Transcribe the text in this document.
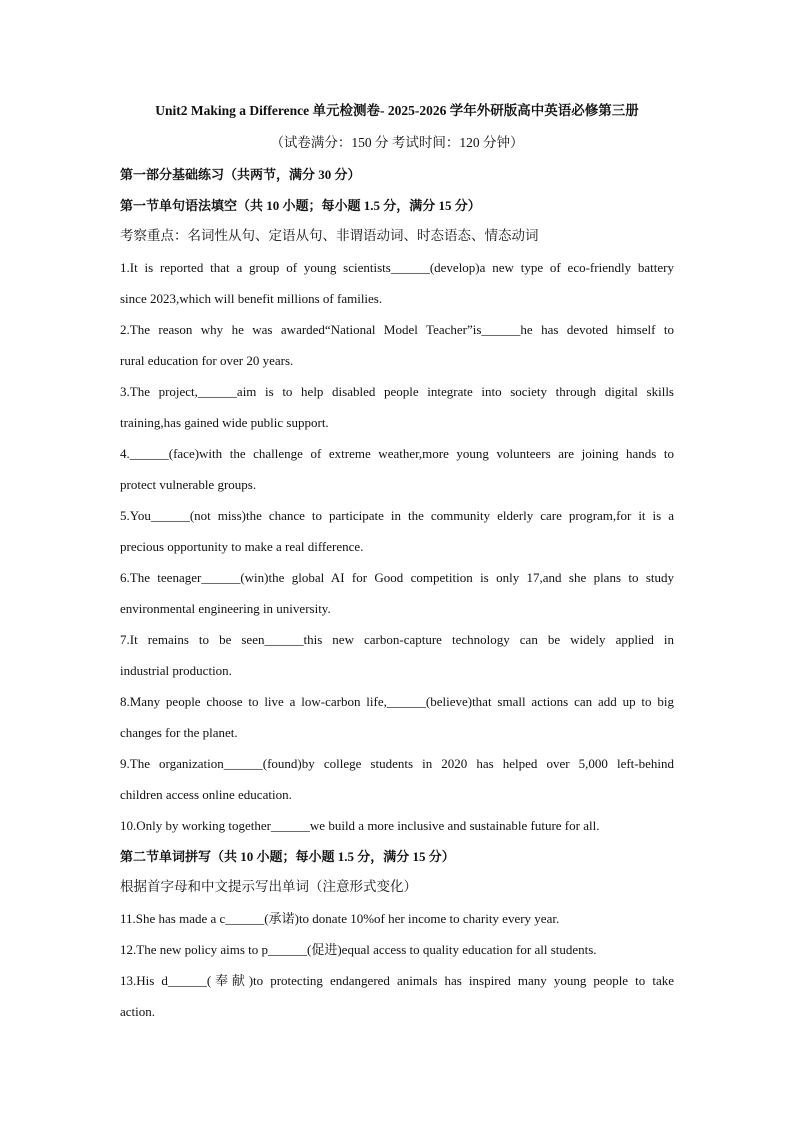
Unit2 Making a Difference 单元检测卷- 2025-2026 学年外研版高中英语必修第三册
（试卷满分：150 分 考试时间：120 分钟）
第一部分基础练习（共两节，满分 30 分）
第一节单句语法填空（共 10 小题；每小题 1.5 分，满分 15 分）
考察重点：名词性从句、定语从句、非谓语动词、时态语态、情态动词
1.It is reported that a group of young scientists______(develop)a new type of eco-friendly battery
since 2023,which will benefit millions of families.
2.The reason why he was awarded“National Model Teacher”is______he has devoted himself to
rural education for over 20 years.
3.The project,______aim is to help disabled people integrate into society through digital skills
training,has gained wide public support.
4.______(face)with the challenge of extreme weather,more young volunteers are joining hands to
protect vulnerable groups.
5.You______(not miss)the chance to participate in the community elderly care program,for it is a
precious opportunity to make a real difference.
6.The teenager______(win)the global AI for Good competition is only 17,and she plans to study
environmental engineering in university.
7.It remains to be seen______this new carbon-capture technology can be widely applied in
industrial production.
8.Many people choose to live a low-carbon life,______(believe)that small actions can add up to big
changes for the planet.
9.The organization______(found)by college students in 2020 has helped over 5,000 left-behind
children access online education.
10.Only by working together______we build a more inclusive and sustainable future for all.
第二节单词拼写（共 10 小题；每小题 1.5 分，满分 15 分）
根据首字母和中文提示写出单词（注意形式变化）
11.She has made a c______(承诺)to donate 10%of her income to charity every year.
12.The new policy aims to p______(促进)equal access to quality education for all students.
13.His d______(奉献)to protecting endangered animals has inspired many young people to take
action.
